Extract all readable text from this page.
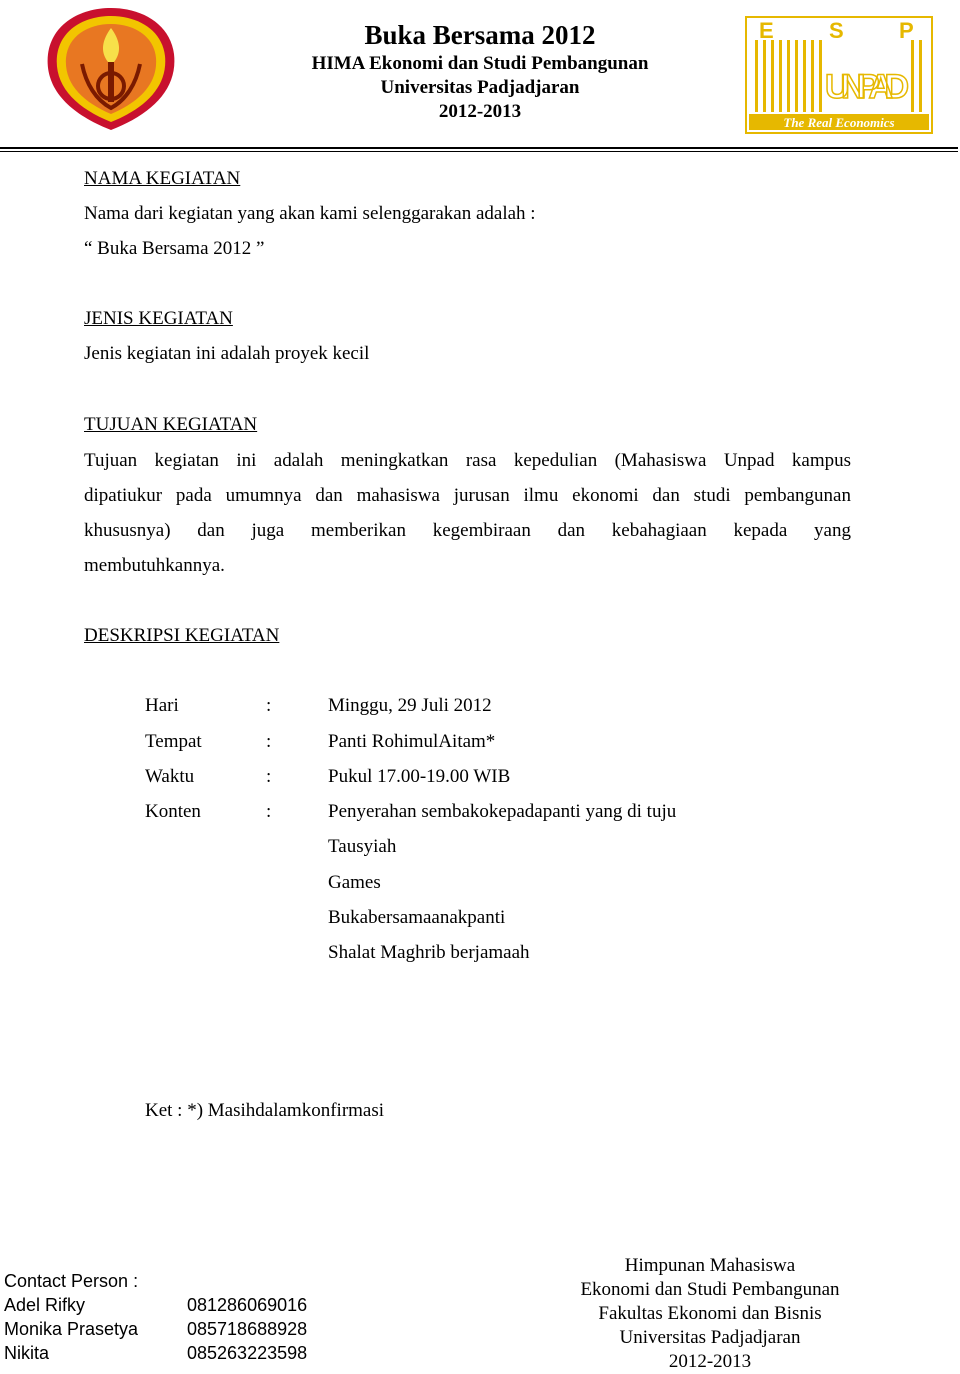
Buka Bersama 2012
HIMA Ekonomi dan Studi Pembangunan
Universitas Padjadjaran
2012-2013
E	S	P
UNPAD
The Real Economics
NAMA KEGIATAN
Nama dari kegiatan yang akan kami selenggarakan adalah :
“ Buka Bersama 2012 ”
JENIS KEGIATAN
Jenis kegiatan ini adalah proyek kecil
TUJUAN KEGIATAN
Tujuan kegiatan ini adalah meningkatkan rasa kepedulian (Mahasiswa Unpad kampus
dipatiukur pada umumnya dan mahasiswa jurusan ilmu ekonomi dan studi pembangunan
khususnya) dan juga memberikan kegembiraan dan kebahagiaan kepada yang
membutuhkannya.
DESKRIPSI KEGIATAN
Hari	:	Minggu, 29 Juli 2012
Tempat	:	Panti RohimulAitam*
Waktu	:	Pukul 17.00-19.00 WIB
Konten	:	Penyerahan sembakokepadapanti yang di tuju
Tausyiah
Games
Bukabersamaanakpanti
Shalat Maghrib berjamaah
Ket : *) Masihdalamkonfirmasi
Contact Person :
Adel Rifky	081286069016
Monika Prasetya	085718688928
Nikita	085263223598
Himpunan Mahasiswa
Ekonomi dan Studi Pembangunan
Fakultas Ekonomi dan Bisnis
Universitas Padjadjaran
2012-2013
